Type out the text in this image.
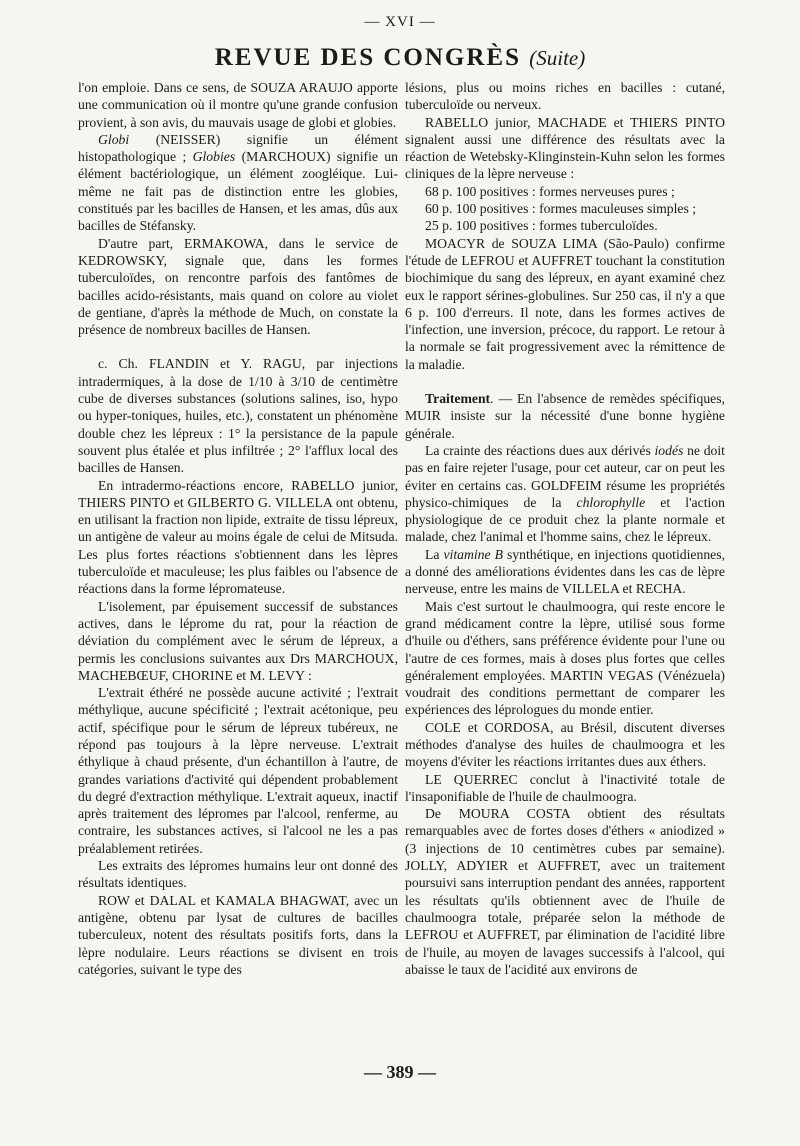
— XVI —
REVUE DES CONGRÈS (Suite)

l'on emploie. Dans ce sens, de SOUZA ARAUJO apporte une communication où il montre qu'une grande confusion provient, à son avis, du mauvais usage de globi et globies.

Globi (NEISSER) signifie un élément histopathologique ; Globies (MARCHOUX) signifie un élément bactériologique, un élément zoogléique. Lui-même ne fait pas de distinction entre les globies, constitués par les bacilles de Hansen, et les amas, dûs aux bacilles de Stéfansky.

D'autre part, ERMAKOWA, dans le service de KEDROWSKY, signale que, dans les formes tuberculoïdes, on rencontre parfois des fantômes de bacilles acido-résistants, mais quand on colore au violet de gentiane, d'après la méthode de Much, on constate la présence de nombreux bacilles de Hansen.

c. Ch. FLANDIN et Y. RAGU, par injections intradermiques, à la dose de 1/10 à 3/10 de centimètre cube de diverses substances (solutions salines, iso, hypo ou hyper-toniques, huiles, etc.), constatent un phénomène double chez les lépreux : 1° la persistance de la papule souvent plus étalée et plus infiltrée ; 2° l'afflux local des bacilles de Hansen.

En intradermo-réactions encore, RABELLO junior, THIERS PINTO et GILBERTO G. VILLELA ont obtenu, en utilisant la fraction non lipide, extraite de tissu lépreux, un antigène de valeur au moins égale de celui de Mitsuda. Les plus fortes réactions s'obtiennent dans les lèpres tuberculoïde et maculeuse; les plus faibles ou l'absence de réactions dans la forme lépromateuse.

L'isolement, par épuisement successif de substances actives, dans le léprome du rat, pour la réaction de déviation du complément avec le sérum de lépreux, a permis les conclusions suivantes aux Drs MARCHOUX, MACHEBŒUF, CHORINE et M. LEVY :

L'extrait éthéré ne possède aucune activité ; l'extrait méthylique, aucune spécificité ; l'extrait acétonique, peu actif, spécifique pour le sérum de lépreux tubéreux, ne répond pas toujours à la lèpre nerveuse. L'extrait éthylique à chaud présente, d'un échantillon à l'autre, de grandes variations d'activité qui dépendent probablement du degré d'extraction méthylique. L'extrait aqueux, inactif après traitement des lépromes par l'alcool, renferme, au contraire, les substances actives, si l'alcool ne les a pas préalablement retirées.

Les extraits des lépromes humains leur ont donné des résultats identiques.

ROW et DALAL et KAMALA BHAGWAT, avec un antigène, obtenu par lysat de cultures de bacilles tuberculeux, notent des résultats positifs forts, dans la lèpre nodulaire. Leurs réactions se divisent en trois catégories, suivant le type des

lésions, plus ou moins riches en bacilles : cutané, tuberculoïde ou nerveux.

RABELLO junior, MACHADE et THIERS PINTO signalent aussi une différence des résultats avec la réaction de Wetebsky-Klinginstein-Kuhn selon les formes cliniques de la lèpre nerveuse :

68 p. 100 positives : formes nerveuses pures ;

60 p. 100 positives : formes maculeuses simples ;

25 p. 100 positives : formes tuberculoïdes.

MOACYR de SOUZA LIMA (São-Paulo) confirme l'étude de LEFROU et AUFFRET touchant la constitution biochimique du sang des lépreux, en ayant examiné chez eux le rapport sérines-globulines. Sur 250 cas, il n'y a que 6 p. 100 d'erreurs. Il note, dans les formes actives de l'infection, une inversion, précoce, du rapport. Le retour à la normale se fait progressivement avec la rémittence de la maladie.

Traitement. — En l'absence de remèdes spécifiques, MUIR insiste sur la nécessité d'une bonne hygiène générale.

La crainte des réactions dues aux dérivés iodés ne doit pas en faire rejeter l'usage, pour cet auteur, car on peut les éviter en certains cas. GOLDFEIM résume les propriétés physico-chimiques de la chlorophylle et l'action physiologique de ce produit chez la plante normale et malade, chez l'animal et l'homme sains, chez le lépreux.

La vitamine B synthétique, en injections quotidiennes, a donné des améliorations évidentes dans les cas de lèpre nerveuse, entre les mains de VILLELA et RECHA.

Mais c'est surtout le chaulmoogra, qui reste encore le grand médicament contre la lèpre, utilisé sous forme d'huile ou d'éthers, sans préférence évidente pour l'une ou l'autre de ces formes, mais à doses plus fortes que celles généralement employées. MARTIN VEGAS (Vénézuela) voudrait des conditions permettant de comparer les expériences des léprologues du monde entier.

COLE et CORDOSA, au Brésil, discutent diverses méthodes d'analyse des huiles de chaulmoogra et les moyens d'éviter les réactions irritantes dues aux éthers.

LE QUERREC conclut à l'inactivité totale de l'insaponifiable de l'huile de chaulmoogra.

De MOURA COSTA obtient des résultats remarquables avec de fortes doses d'éthers « aniodized » (3 injections de 10 centimètres cubes par semaine). JOLLY, ADYIER et AUFFRET, avec un traitement poursuivi sans interruption pendant des années, rapportent les résultats qu'ils obtiennent avec de l'huile de chaulmoogra totale, préparée selon la méthode de LEFROU et AUFFRET, par élimination de l'acidité libre de l'huile, au moyen de lavages successifs à l'alcool, qui abaisse le taux de l'acidité aux environs de

— 389 —
